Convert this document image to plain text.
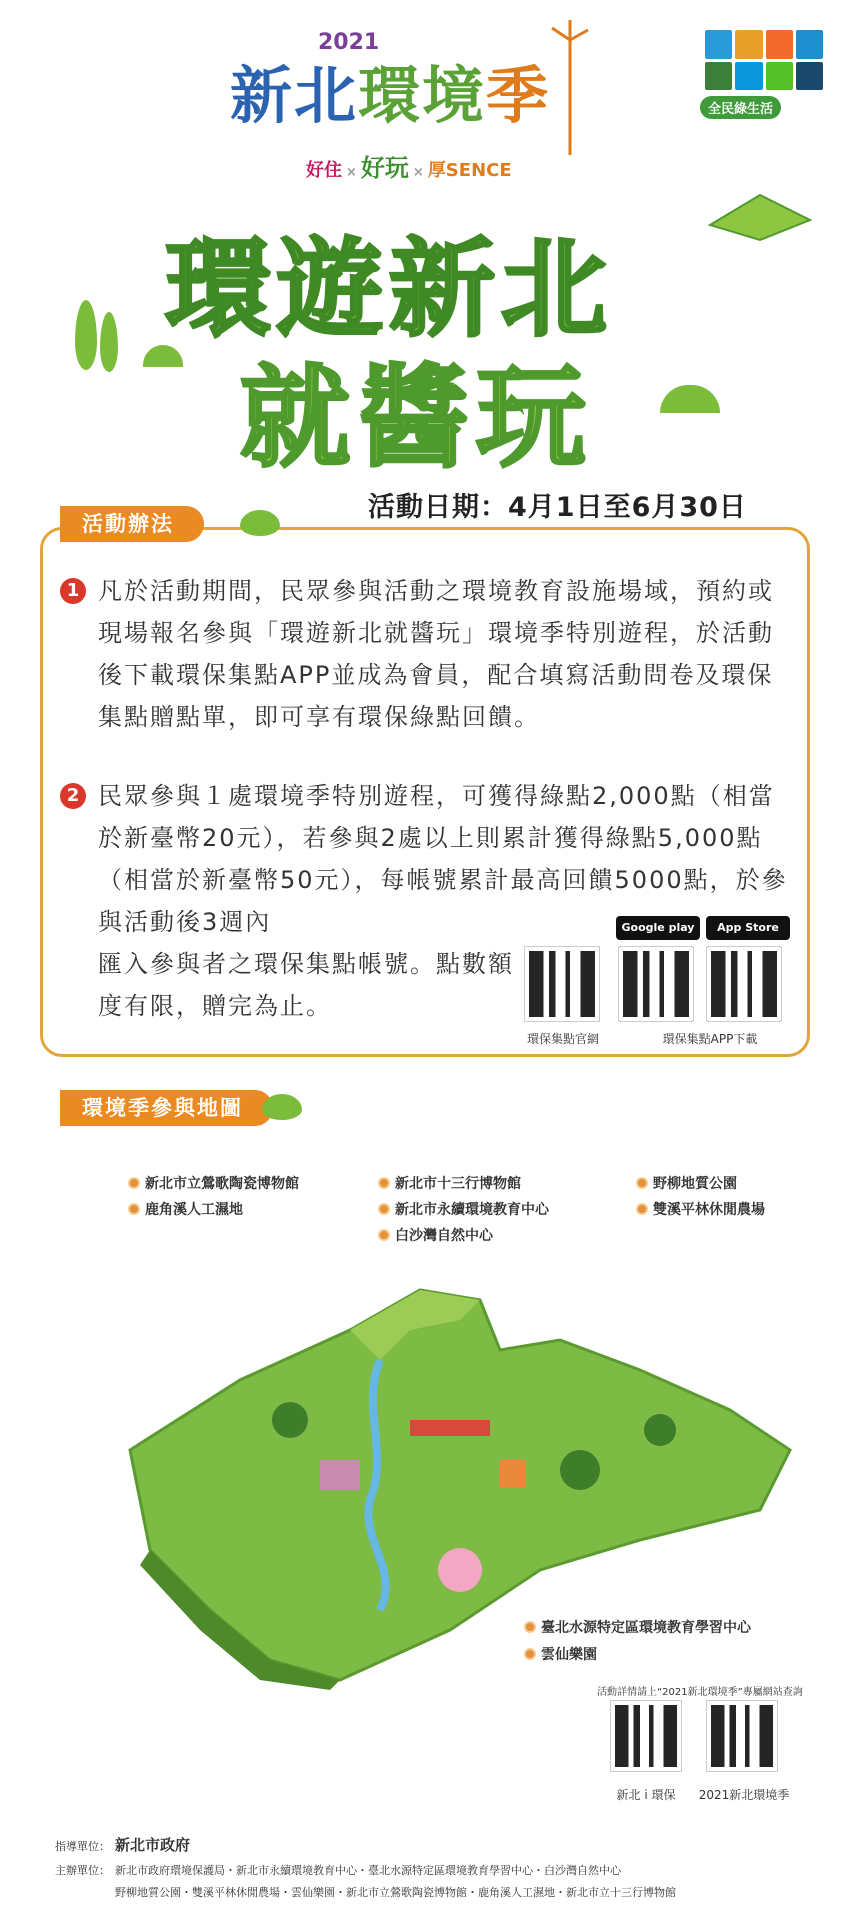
2021
新北環境季
好住 × 好玩 × 厚SENCE
全民綠生活
環遊新北
就醬玩
活動日期：4月1日至6月30日
活動辦法
1 凡於活動期間，民眾參與活動之環境教育設施場域，預約或現場報名參與「環遊新北就醬玩」環境季特別遊程，於活動後下載環保集點APP並成為會員，配合填寫活動問卷及環保集點贈點單，即可享有環保綠點回饋。
2 民眾參與１處環境季特別遊程，可獲得綠點2,000點（相當於新臺幣20元），若參與2處以上則累計獲得綠點5,000點（相當於新臺幣50元），每帳號累計最高回饋5000點，於參與活動後3週內
匯入參與者之環保集點帳號。點數額度有限，贈完為止。
Google play	App Store
環保集點官網	環保集點APP下載
環境季參與地圖
新北市立鶯歌陶瓷博物館
鹿角溪人工濕地
新北市十三行博物館
新北市永續環境教育中心
白沙灣自然中心
野柳地質公園
雙溪平林休閒農場
臺北水源特定區環境教育學習中心
雲仙樂園
活動詳情請上“2021新北環境季”專屬網站查詢
新北 i 環保	2021新北環境季
指導單位： 新北市政府
主辦單位： 新北市政府環境保護局・新北市永續環境教育中心・臺北水源特定區環境教育學習中心・白沙灣自然中心
野柳地質公園・雙溪平林休閒農場・雲仙樂園・新北市立鶯歌陶瓷博物館・鹿角溪人工濕地・新北市立十三行博物館
